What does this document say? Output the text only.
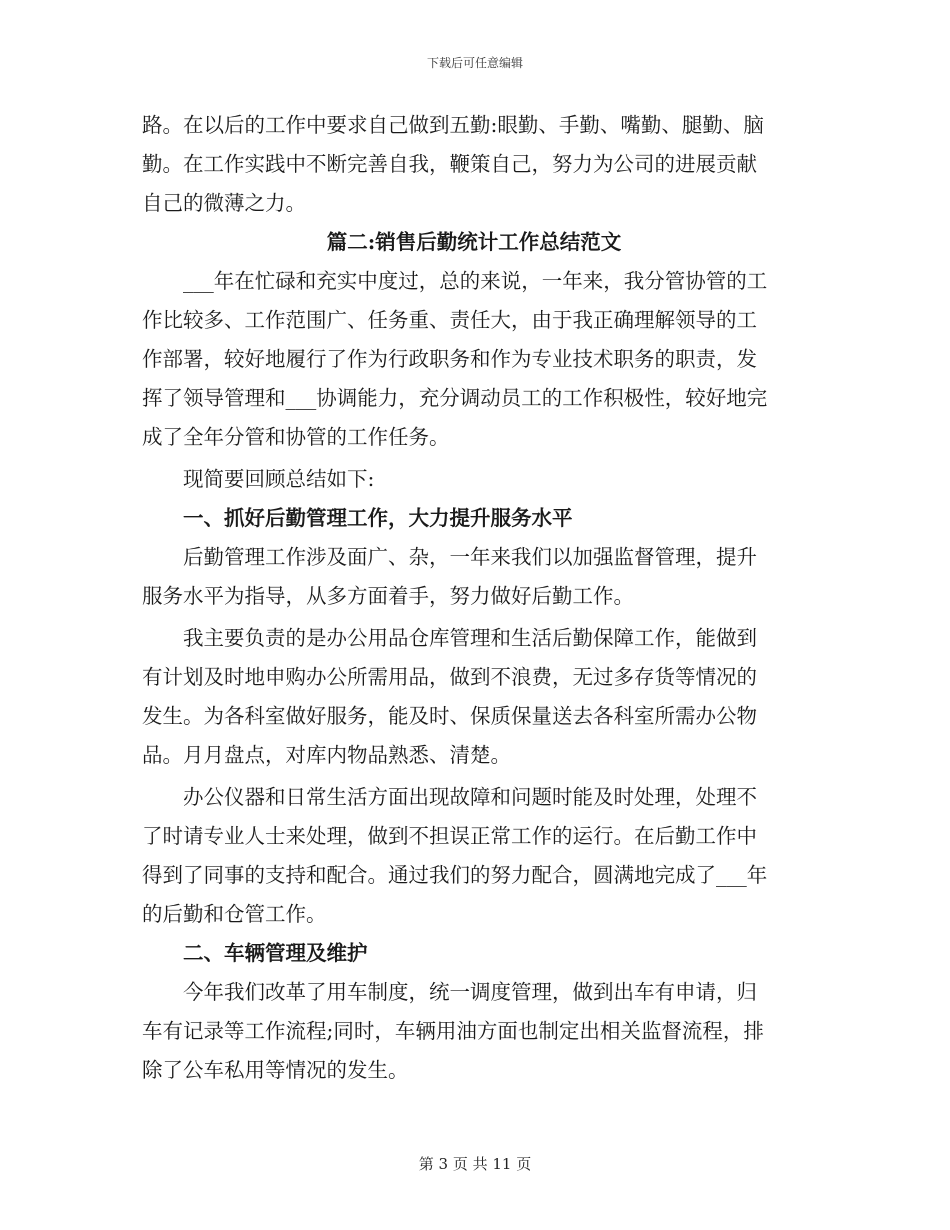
下载后可任意编辑
路。在以后的工作中要求自己做到五勤:眼勤、手勤、嘴勤、腿勤、脑
勤。在工作实践中不断完善自我，鞭策自己，努力为公司的进展贡献
自己的微薄之力。
篇二:销售后勤统计工作总结范文
___年在忙碌和充实中度过，总的来说，一年来，我分管协管的工
作比较多、工作范围广、任务重、责任大，由于我正确理解领导的工
作部署，较好地履行了作为行政职务和作为专业技术职务的职责，发
挥了领导管理和___协调能力，充分调动员工的工作积极性，较好地完
成了全年分管和协管的工作任务。
现简要回顾总结如下:
一、抓好后勤管理工作，大力提升服务水平
后勤管理工作涉及面广、杂，一年来我们以加强监督管理，提升
服务水平为指导，从多方面着手，努力做好后勤工作。
我主要负责的是办公用品仓库管理和生活后勤保障工作，能做到
有计划及时地申购办公所需用品，做到不浪费，无过多存货等情况的
发生。为各科室做好服务，能及时、保质保量送去各科室所需办公物
品。月月盘点，对库内物品熟悉、清楚。
办公仪器和日常生活方面出现故障和问题时能及时处理，处理不
了时请专业人士来处理，做到不担误正常工作的运行。在后勤工作中
得到了同事的支持和配合。通过我们的努力配合，圆满地完成了___年
的后勤和仓管工作。
二、车辆管理及维护
今年我们改革了用车制度，统一调度管理，做到出车有申请，归
车有记录等工作流程;同时，车辆用油方面也制定出相关监督流程，排
除了公车私用等情况的发生。
第 3 页 共 11 页
